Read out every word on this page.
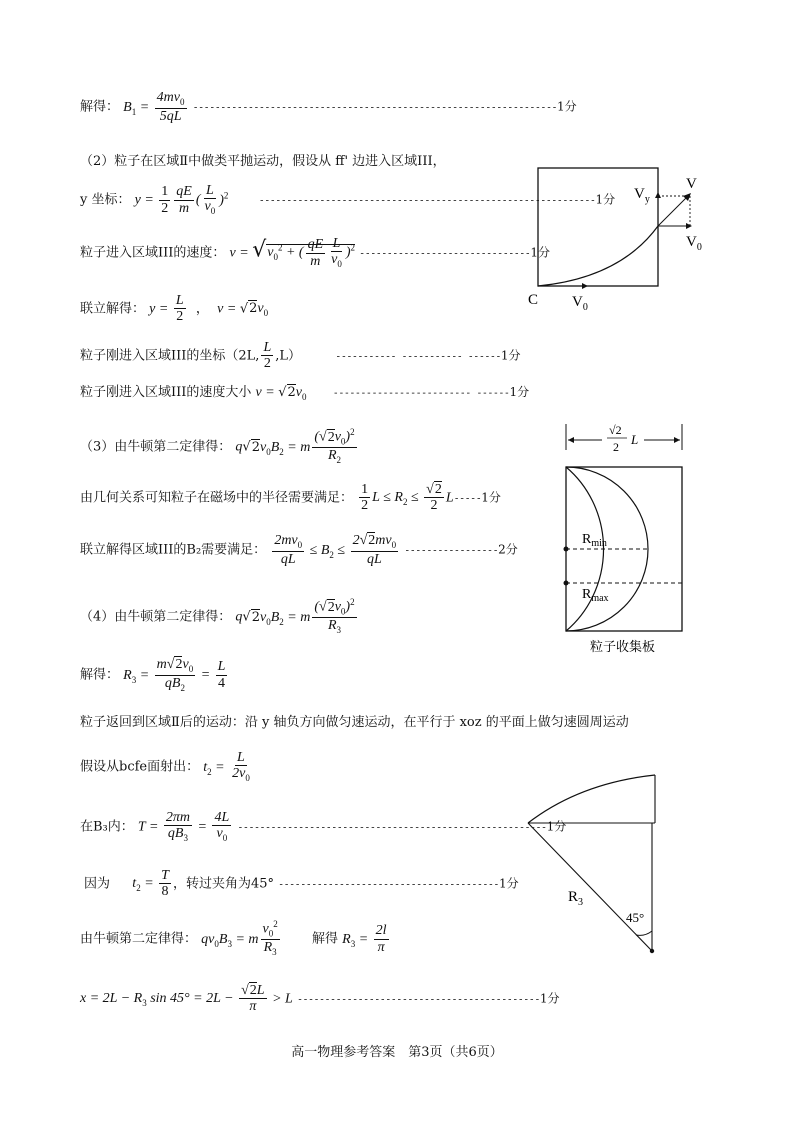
解得： $B_1 = \frac{4mv_0}{5qL} ------------------------------------------------------------------1$分
（2）粒子在区域Ⅱ中做类平抛运动，假设从 ff' 边进入区域III，
y 坐标： $y = \frac{1}{2} \frac{qE}{m}$ ( $\frac{L}{v_0} )^2$  -------------------------------------------------------------1分
粒子进入区域III的速度： $v = √v_0^2$ + ( $\frac{qE}{m} \frac{L}{v_0} )^2$ -------------------------------1分
联立解得： $y = \frac{L}{2}$ ，  $v = √2v_0$
粒子刚进入区域III的坐标（2L, $\frac{L}{2} ,L$）	----------- ----------- ------1分
粒子刚进入区域III的速度大小 $v = √2v_0$	------------------------- ------1分
（3）由牛顿第二定律得： $q√2v_0B_2 = m \frac{(√2v_0)^2}{R_2}$
由几何关系可知粒子在磁场中的半径需要满足： $\frac{1}{2}$ $L \le R_2 \le \frac{√2}{2} L-----1$分
联立解得区域III的B₂需要满足： $\frac{2mv_0}{qL} \le B_2 \le \frac{2√2mv_0}{qL} -----------------2$分
（4）由牛顿第二定律得： $q√2v_0B_2 = m \frac{(√2v_0)^2}{R_3}$
解得： $R_3 = \frac{m√2v_0}{qB_2} = \frac{L}{4}$
粒子返回到区域Ⅱ后的运动：沿 y 轴负方向做匀速运动，在平行于 xoz 的平面上做匀速圆周运动
假设从bcfe面射出： $t_2 = \frac{L}{2v_0}$
在B₃内： $T = \frac{2\pi m}{qB_3} = \frac{4L}{v_0} --------------------------------------------------------1$分
因为 $t_2 = \frac{T}{8}$ ，转过夹角为45° ----------------------------------------1分
由牛顿第二定律得： $qv_0B_3 = m \frac{v_0^2}{R_3}$ 解得 $R_3 = \frac{2l}{\pi}$
$x = 2L - R_3$ $\sin 45^\circ = 2L - \frac{√2L}{\pi} > L$ --------------------------------------------1分
$V_y$
V
$V_0$
C $V_0$
√2
2 L
$R_{min}$
$R_{max}$
粒子收集板
$R_3$
45°
高一物理参考答案　第3页（共6页）
